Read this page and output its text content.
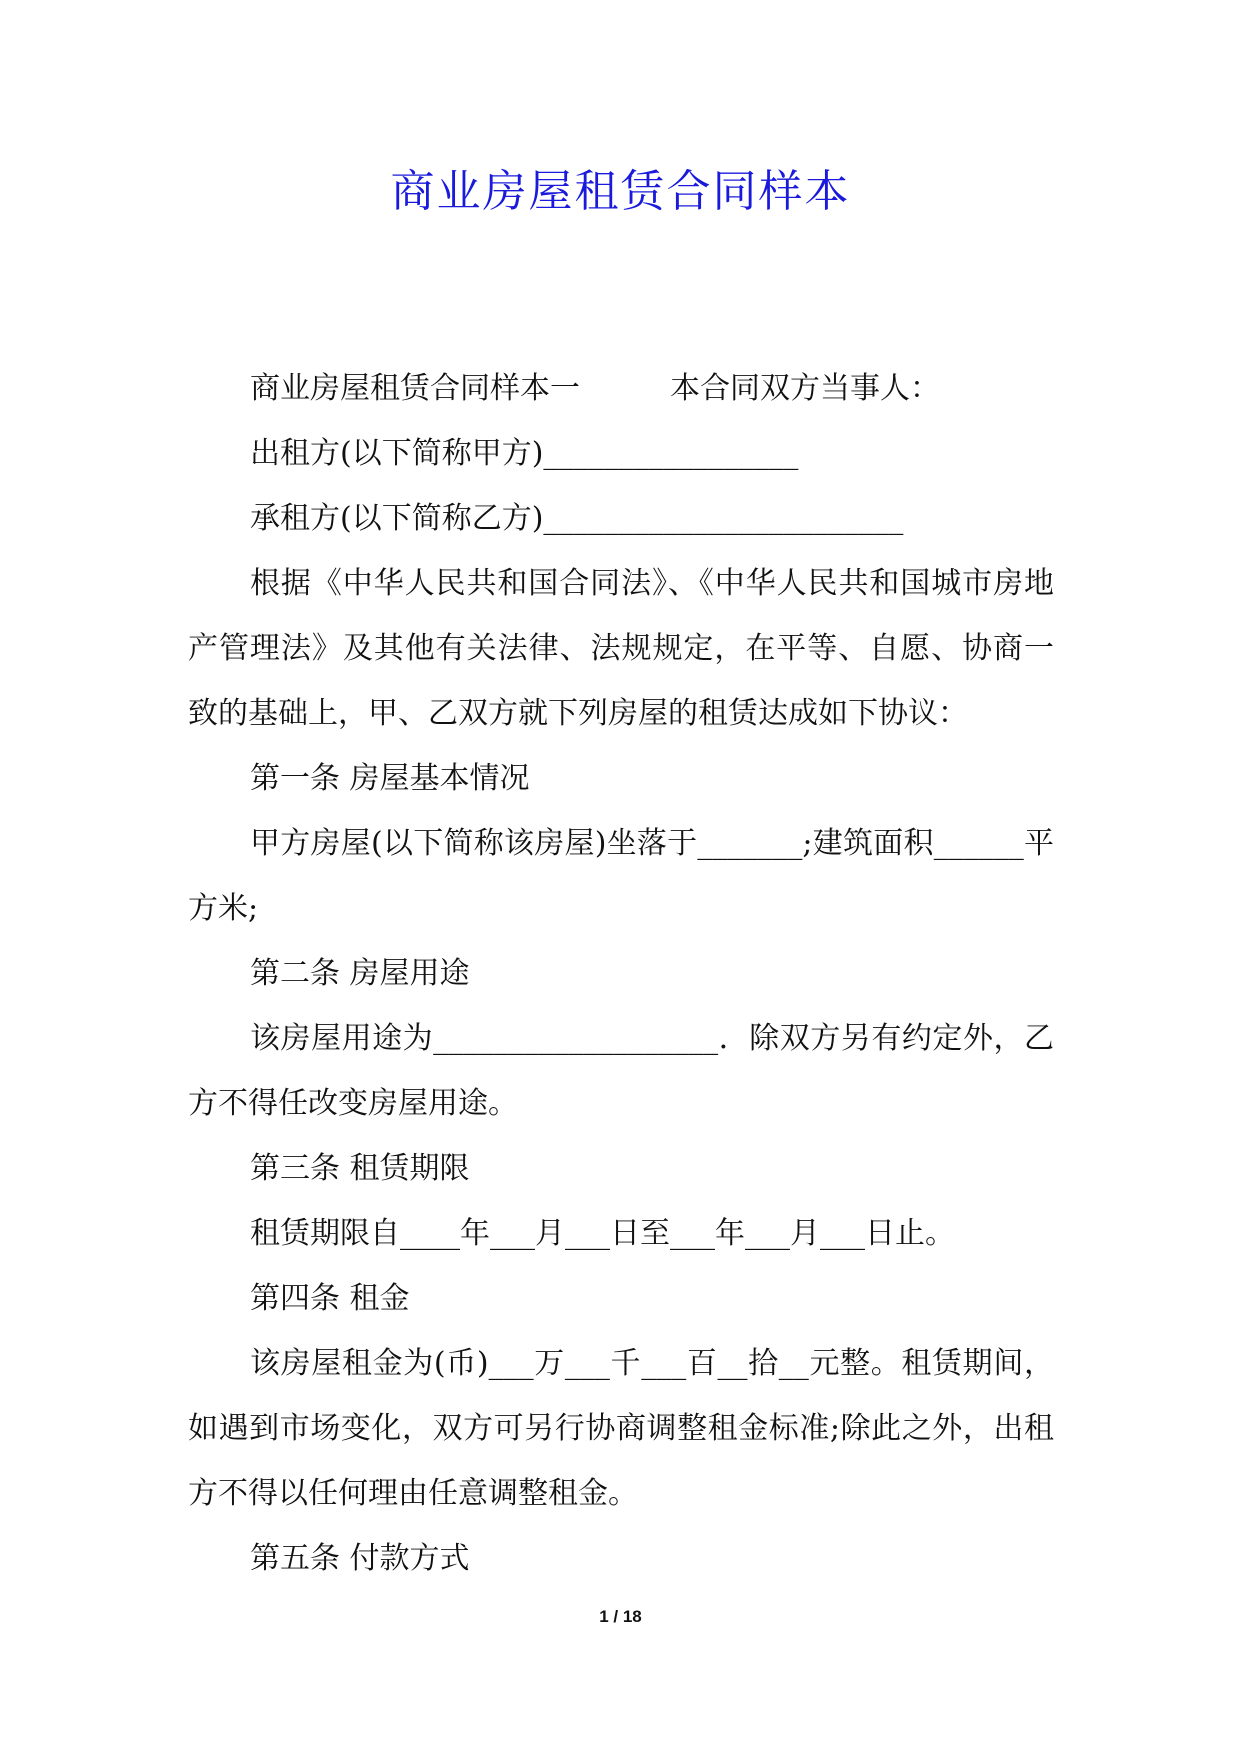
商业房屋租赁合同样本

商业房屋租赁合同样本一　　　本合同双方当事人：

出租方(以下简称甲方)_________________

承租方(以下简称乙方)________________________

根据《中华人民共和国合同法》、《中华人民共和国城市房地产管理法》及其他有关法律、法规规定，在平等、自愿、协商一致的基础上，甲、乙双方就下列房屋的租赁达成如下协议：

第一条 房屋基本情况

甲方房屋(以下简称该房屋)坐落于_______;建筑面积______平方米;

第二条 房屋用途

该房屋用途为___________________．除双方另有约定外，乙方不得任改变房屋用途。

第三条 租赁期限

租赁期限自____年___月___日至___年___月___日止。

第四条 租金

该房屋租金为(币)___万___千___百__拾__元整。租赁期间，如遇到市场变化，双方可另行协商调整租金标准;除此之外，出租方不得以任何理由任意调整租金。

第五条 付款方式

1 / 18
